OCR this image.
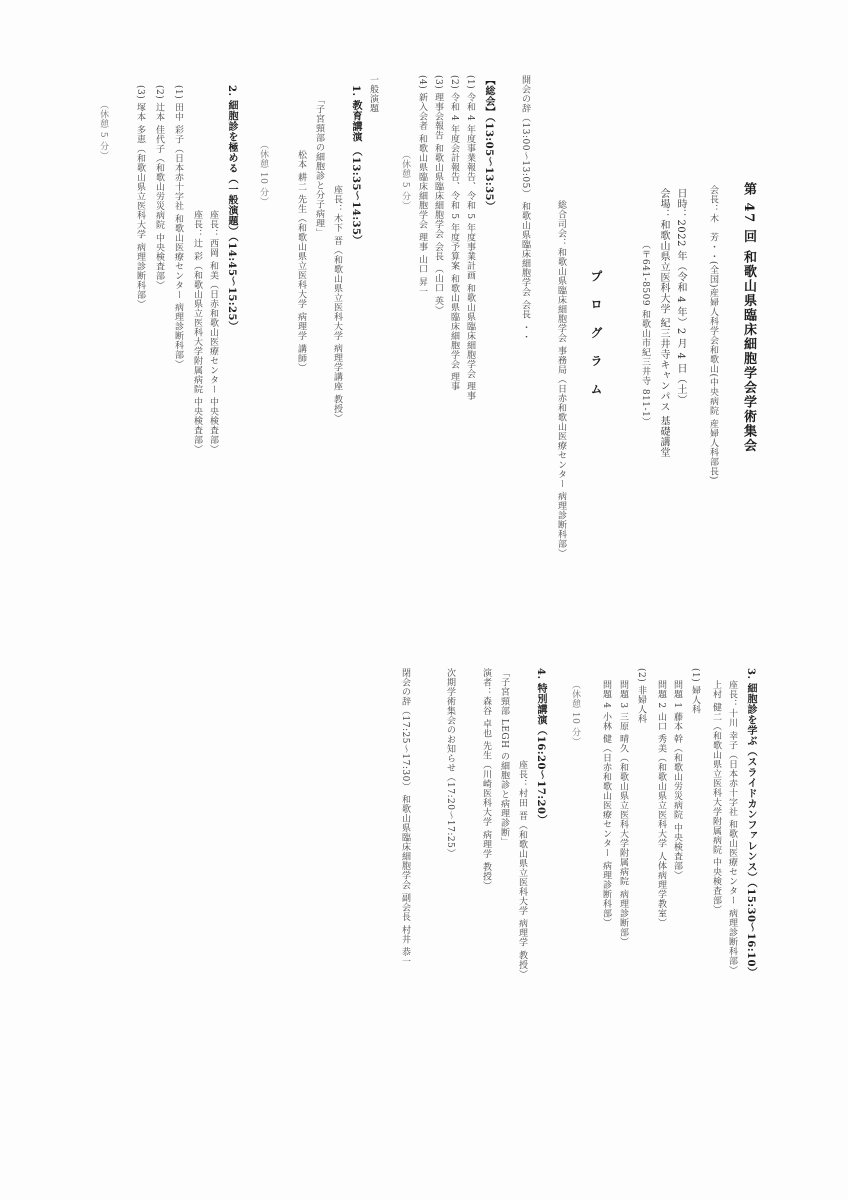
第 47 回 和歌山県臨床細胞学会学術集会
会長：木　芳・・(全国)産婦人科学会和歌山(中央病院 産婦人科部長)
日時：2022 年（令和 4 年）2 月 4 日（土）
会場：和歌山県立医科大学 紀三井寺キャンパス 基礎講堂
（〒641-8509 和歌山市紀三井寺 811-1）
プ ロ グ ラ ム
総合司会：和歌山県臨床細胞学会 事務局（日赤和歌山医療センター 病理診断科部）
開会の辞（13:00〜13:05） 和歌山県臨床細胞学会 会長 ・・
【総会】（13:05〜13:35）
(1) 令和 4 年度事業報告、令和 5 年度事業計画 和歌山県臨床細胞学会 理事
(2) 令和 4 年度会計報告、令和 5 年度予算案 和歌山県臨床細胞学会 理事
(3) 理事会報告 和歌山県臨床細胞学会 会長 （山口 英）
(4) 新入会者 和歌山県臨床細胞学会 理事 山口 昇一
（休憩 5 分）
一般演題
1. 教育講演 （13:35〜14:35）
座長：木下 晋（和歌山県立医科大学 病理学講座 教授）
「子宮頸部の細胞診と分子病理」
松本 耕二 先生（和歌山県立医科大学 病理学 講師）
（休憩 10 分）
2. 細胞診を極める（一般演題）（14:45〜15:25）
座長：西岡 和美（日赤和歌山医療センター 中央検査部）
座長：辻 彩（和歌山県立医科大学附属病院 中央検査部）
(1) 田中 彩子（日本赤十字社 和歌山医療センター 病理診断科部）
(2) 辻本 佳代子（和歌山労災病院 中央検査部）
(3) 塚本 多恵（和歌山県立医科大学 病理診断科部）
（休憩 5 分）
3. 細胞診を学ぶ（スライドカンファレンス）（15:30〜16:10）
座長：十川 幸子（日本赤十字社 和歌山医療センター 病理診断科部）
上村 健二（和歌山県立医科大学附属病院 中央検査部）
(1) 婦人科
問題 1 藤本 幹（和歌山労災病院 中央検査部）
問題 2 山口 秀美（和歌山県立医科大学 人体病理学教室）
(2) 非婦人科
問題 3 三原 晴久（和歌山県立医科大学附属病院 病理診断部）
問題 4 小林 健（日赤和歌山医療センター 病理診断科部）
（休憩 10 分）
4. 特別講演（16:20〜17:20）
座長：村田 晋（和歌山県立医科大学 病理学 教授）
「子宮頸部 LEGH の細胞診と病理診断」
演者：森谷 卓也 先生（川崎医科大学 病理学 教授）
次期学術集会のお知らせ（17:20〜17:25）
閉会の辞（17:25〜17:30） 和歌山県臨床細胞学会 副会長 村井 恭一
